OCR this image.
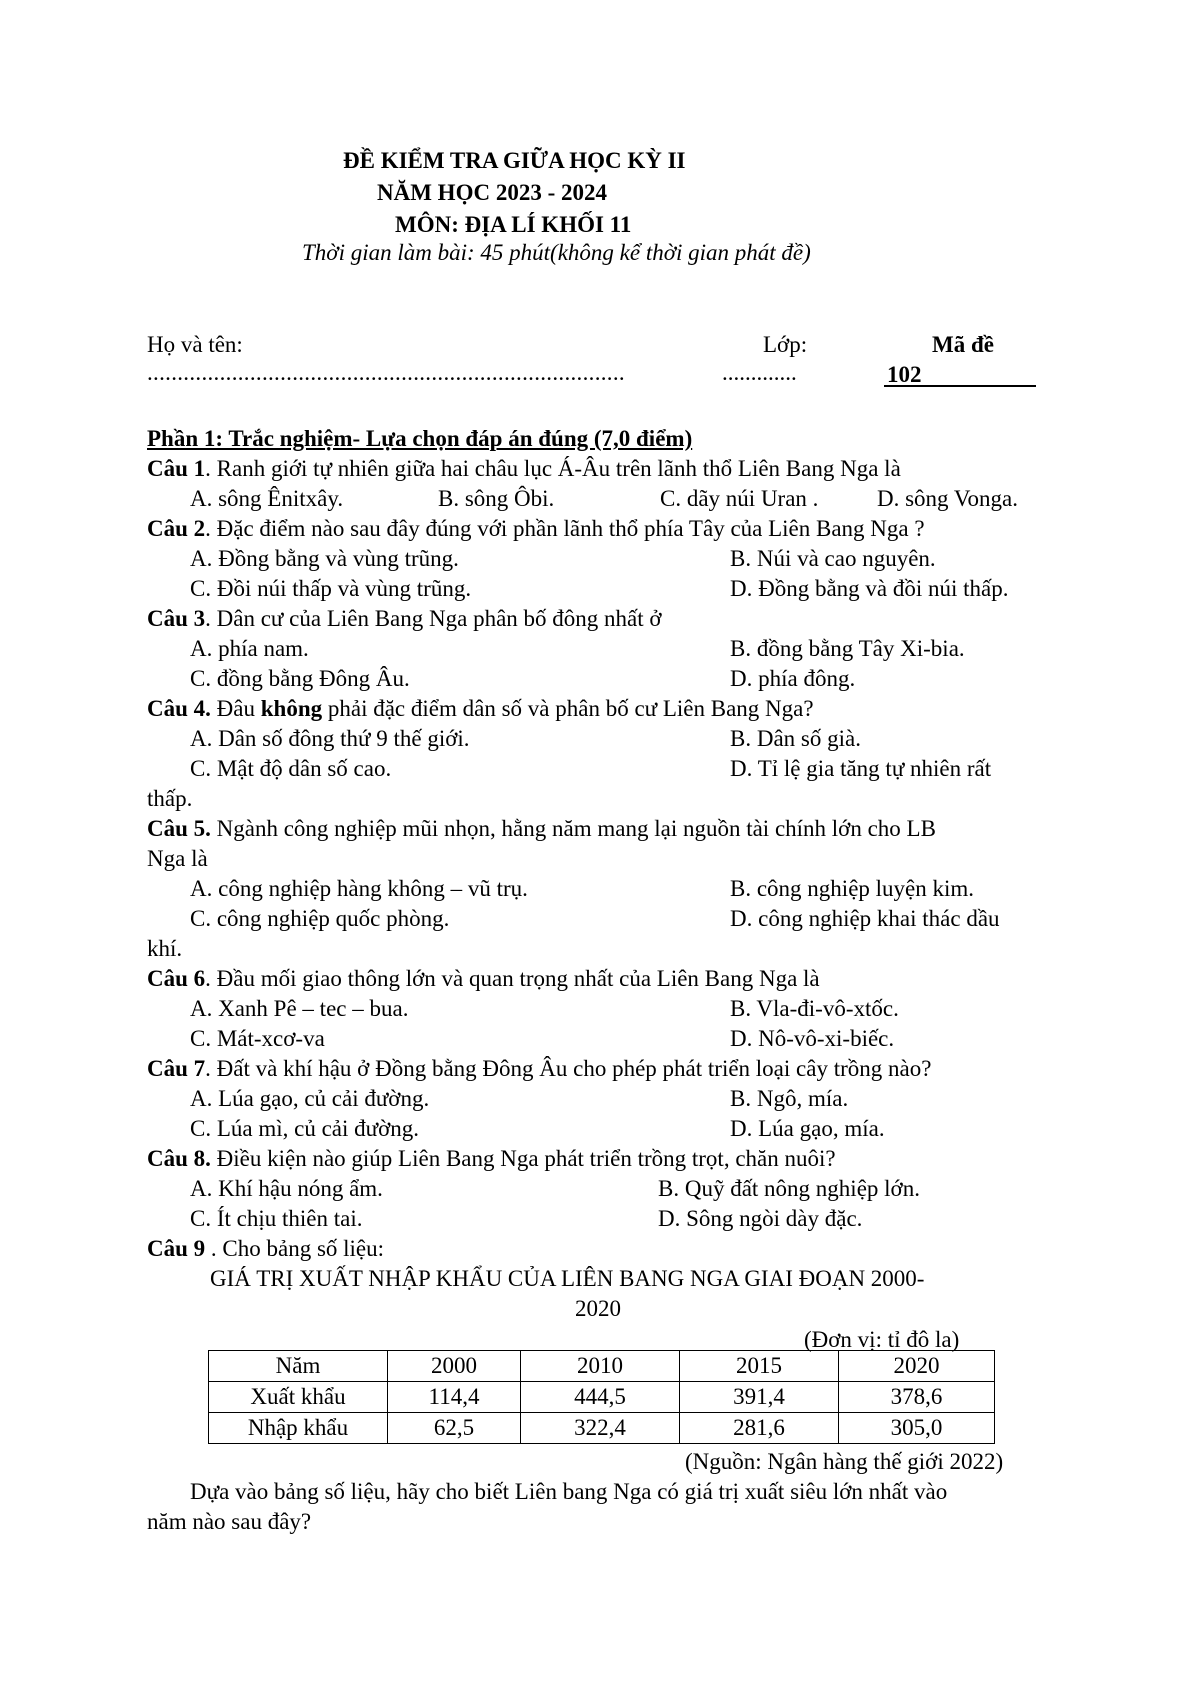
ĐỀ KIỂM TRA GIỮA HỌC KỲ II
NĂM HỌC 2023 - 2024
MÔN: ĐỊA LÍ KHỐI 11
Thời gian làm bài: 45 phút(không kể thời gian phát đề)
Họ và tên:	Lớp:	Mã đề
...............................................................................	.............	102
Phần 1: Trắc nghiệm- Lựa chọn đáp án đúng (7,0 điểm)
Câu 1. Ranh giới tự nhiên giữa hai châu lục Á-Âu trên lãnh thổ Liên Bang Nga là
A. sông Ênitxây.	B. sông Ôbi.	C. dãy núi Uran .	D. sông Vonga.
Câu 2. Đặc điểm nào sau đây đúng với phần lãnh thổ phía Tây của Liên Bang Nga ?
A. Đồng bằng và vùng trũng.	B. Núi và cao nguyên.
C. Đồi núi thấp và vùng trũng.	D. Đồng bằng và đồi núi thấp.
Câu 3. Dân cư của Liên Bang Nga phân bố đông nhất ở
A. phía nam.	B. đồng bằng Tây Xi-bia.
C. đồng bằng Đông Âu.	D. phía đông.
Câu 4. Đâu không phải đặc điểm dân số và phân bố cư Liên Bang Nga?
A. Dân số đông thứ 9 thế giới.	B. Dân số già.
C. Mật độ dân số cao.	D. Tỉ lệ gia tăng tự nhiên rất
thấp.
Câu 5. Ngành công nghiệp mũi nhọn, hằng năm mang lại nguồn tài chính lớn cho LB
Nga là
A. công nghiệp hàng không – vũ trụ.	B. công nghiệp luyện kim.
C. công nghiệp quốc phòng.	D. công nghiệp khai thác dầu
khí.
Câu 6. Đầu mối giao thông lớn và quan trọng nhất của Liên Bang Nga là
A. Xanh Pê – tec – bua.	B. Vla-đi-vô-xtốc.
C. Mát-xcơ-va	D. Nô-vô-xi-biếc.
Câu 7. Đất và khí hậu ở Đồng bằng Đông Âu cho phép phát triển loại cây trồng nào?
A. Lúa gạo, củ cải đường.	B. Ngô, mía.
C. Lúa mì, củ cải đường.	D. Lúa gạo, mía.
Câu 8. Điều kiện nào giúp Liên Bang Nga phát triển trồng trọt, chăn nuôi?
A. Khí hậu nóng ẩm.	B. Quỹ đất nông nghiệp lớn.
C. Ít chịu thiên tai.	D. Sông ngòi dày đặc.
Câu 9 . Cho bảng số liệu:
GIÁ TRỊ XUẤT NHẬP KHẨU CỦA LIÊN BANG NGA GIAI ĐOẠN 2000-
2020
(Đơn vị: tỉ đô la)
Năm	2000	2010	2015	2020
Xuất khẩu	114,4	444,5	391,4	378,6
Nhập khẩu	62,5	322,4	281,6	305,0
(Nguồn: Ngân hàng thế giới 2022)
Dựa vào bảng số liệu, hãy cho biết Liên bang Nga có giá trị xuất siêu lớn nhất vào
năm nào sau đây?
